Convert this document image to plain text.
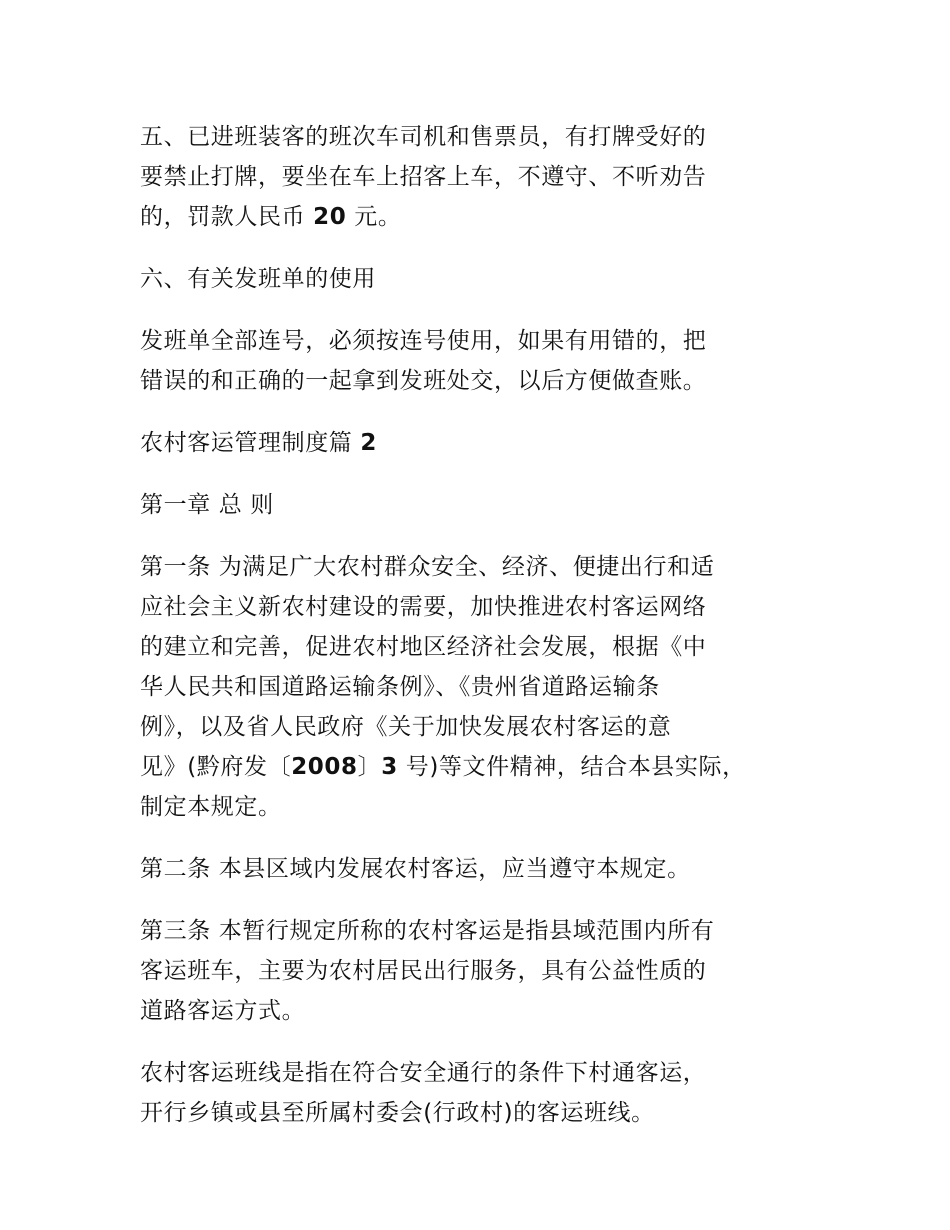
五、已进班装客的班次车司机和售票员，有打牌受好的
要禁止打牌，要坐在车上招客上车，不遵守、不听劝告
的，罚款人民币 20 元。

六、有关发班单的使用

发班单全部连号，必须按连号使用，如果有用错的，把
错误的和正确的一起拿到发班处交，以后方便做查账。

农村客运管理制度篇 2

第一章 总 则

第一条 为满足广大农村群众安全、经济、便捷出行和适
应社会主义新农村建设的需要，加快推进农村客运网络
的建立和完善，促进农村地区经济社会发展，根据《中
华人民共和国道路运输条例》、《贵州省道路运输条
例》，以及省人民政府《关于加快发展农村客运的意
见》(黔府发〔2008〕3 号)等文件精神，结合本县实际，
制定本规定。

第二条 本县区域内发展农村客运，应当遵守本规定。

第三条 本暂行规定所称的农村客运是指县域范围内所有
客运班车，主要为农村居民出行服务，具有公益性质的
道路客运方式。

农村客运班线是指在符合安全通行的条件下村通客运，
开行乡镇或县至所属村委会(行政村)的客运班线。
